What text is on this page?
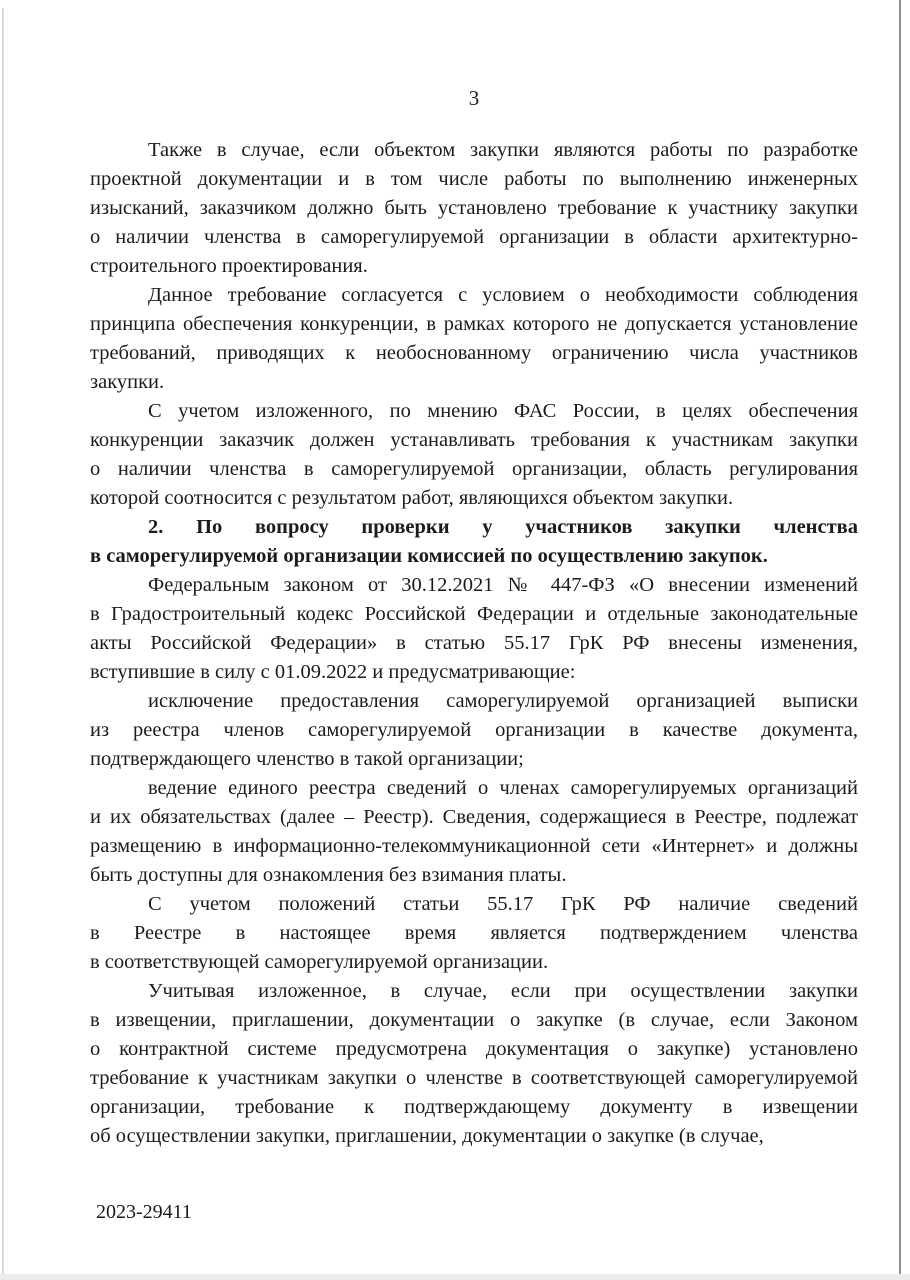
3
Также в случае, если объектом закупки являются работы по разработке
проектной документации и в том числе работы по выполнению инженерных
изысканий, заказчиком должно быть установлено требование к участнику закупки
о наличии членства в саморегулируемой организации в области архитектурно-
строительного проектирования.
Данное требование согласуется с условием о необходимости соблюдения
принципа обеспечения конкуренции, в рамках которого не допускается установление
требований, приводящих к необоснованному ограничению числа участников
закупки.
С учетом изложенного, по мнению ФАС России, в целях обеспечения
конкуренции заказчик должен устанавливать требования к участникам закупки
о наличии членства в саморегулируемой организации, область регулирования
которой соотносится с результатом работ, являющихся объектом закупки.
2. По вопросу проверки у участников закупки членства
в саморегулируемой организации комиссией по осуществлению закупок.
Федеральным законом от 30.12.2021 № 447-ФЗ «О внесении изменений
в Градостроительный кодекс Российской Федерации и отдельные законодательные
акты Российской Федерации» в статью 55.17 ГрК РФ внесены изменения,
вступившие в силу с 01.09.2022 и предусматривающие:
исключение предоставления саморегулируемой организацией выписки
из реестра членов саморегулируемой организации в качестве документа,
подтверждающего членство в такой организации;
ведение единого реестра сведений о членах саморегулируемых организаций
и их обязательствах (далее – Реестр). Сведения, содержащиеся в Реестре, подлежат
размещению в информационно-телекоммуникационной сети «Интернет» и должны
быть доступны для ознакомления без взимания платы.
С учетом положений статьи 55.17 ГрК РФ наличие сведений
в Реестре в настоящее время является подтверждением членства
в соответствующей саморегулируемой организации.
Учитывая изложенное, в случае, если при осуществлении закупки
в извещении, приглашении, документации о закупке (в случае, если Законом
о контрактной системе предусмотрена документация о закупке) установлено
требование к участникам закупки о членстве в соответствующей саморегулируемой
организации, требование к подтверждающему документу в извещении
об осуществлении закупки, приглашении, документации о закупке (в случае,
2023-29411
